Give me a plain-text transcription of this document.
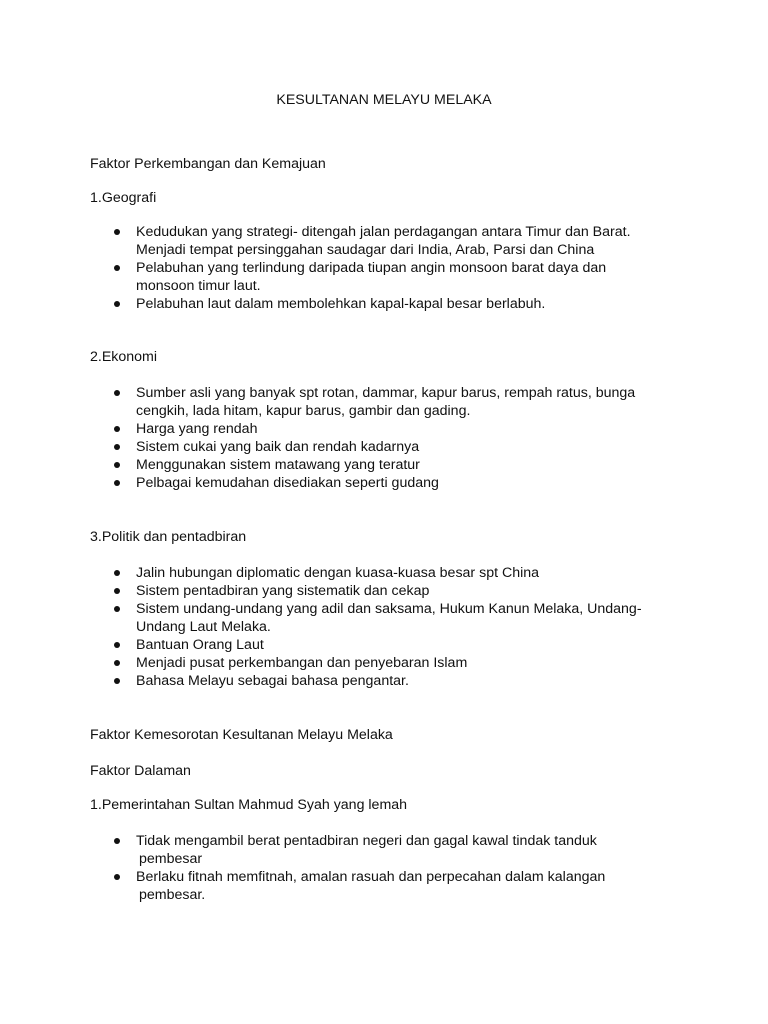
KESULTANAN MELAYU MELAKA
Faktor Perkembangan dan Kemajuan
1.Geografi
Kedudukan yang strategi- ditengah jalan perdagangan antara Timur dan Barat.
Menjadi tempat persinggahan saudagar dari India, Arab, Parsi dan China
Pelabuhan yang terlindung daripada tiupan angin monsoon barat daya dan
monsoon timur laut.
Pelabuhan laut dalam membolehkan kapal-kapal besar berlabuh.
2.Ekonomi
Sumber asli yang banyak spt rotan, dammar, kapur barus, rempah ratus, bunga
cengkih, lada hitam, kapur barus, gambir dan gading.
Harga yang rendah
Sistem cukai yang baik dan rendah kadarnya
Menggunakan sistem matawang yang teratur
Pelbagai kemudahan disediakan seperti gudang
3.Politik dan pentadbiran
Jalin hubungan diplomatic dengan kuasa-kuasa besar spt China
Sistem pentadbiran yang sistematik dan cekap
Sistem undang-undang yang adil dan saksama, Hukum Kanun Melaka, Undang-
Undang Laut Melaka.
Bantuan Orang Laut
Menjadi pusat perkembangan dan penyebaran Islam
Bahasa Melayu sebagai bahasa pengantar.
Faktor Kemesorotan Kesultanan Melayu Melaka
Faktor Dalaman
1.Pemerintahan Sultan Mahmud Syah yang lemah
Tidak mengambil berat pentadbiran negeri dan gagal kawal tindak tanduk
pembesar
Berlaku fitnah memfitnah, amalan rasuah dan perpecahan dalam kalangan
pembesar.
